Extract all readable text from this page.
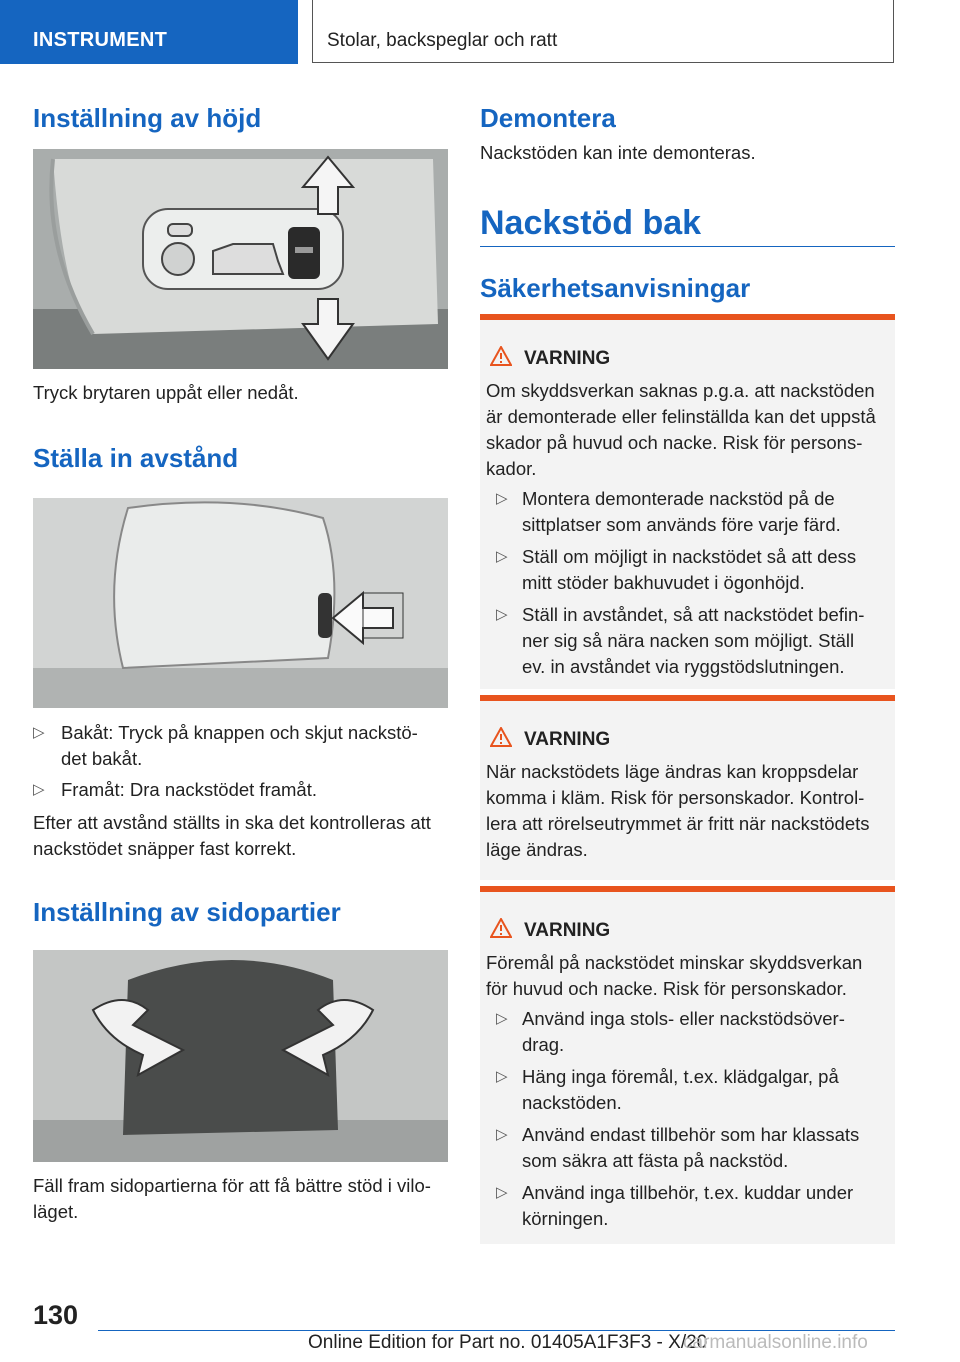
INSTRUMENT	Stolar, backspeglar och ratt
Inställning av höjd

Tryck brytaren uppåt eller nedåt.

Ställa in avstånd
▷ Bakåt: Tryck på knappen och skjut nackstö-
det bakåt.
▷ Framåt: Dra nackstödet framåt.

Efter att avstånd ställts in ska det kontrolleras att
nackstödet snäpper fast korrekt.

Inställning av sidopartier

Fäll fram sidopartierna för att få bättre stöd i vilo-
läget.

Demontera

Nackstöden kan inte demonteras.

Nackstöd bak
Säkerhetsanvisningar
VARNING
Om skyddsverkan saknas p.g.a. att nackstöden
är demonterade eller felinställda kan det uppstå
skador på huvud och nacke. Risk för persons-
kador.
▷ Montera demonterade nackstöd på de
sittplatser som används före varje färd.
▷ Ställ om möjligt in nackstödet så att dess
mitt stöder bakhuvudet i ögonhöjd.
▷ Ställ in avståndet, så att nackstödet befin-
ner sig så nära nacken som möjligt. Ställ
ev. in avståndet via ryggstödslutningen.
VARNING
När nackstödets läge ändras kan kroppsdelar
komma i kläm. Risk för personskador. Kontrol-
lera att rörelseutrymmet är fritt när nackstödets
läge ändras.
VARNING
Föremål på nackstödet minskar skyddsverkan
för huvud och nacke. Risk för personskador.
▷ Använd inga stols- eller nackstödsöver-
drag.
▷ Häng inga föremål, t.ex. klädgalgar, på
nackstöden.
▷ Använd endast tillbehör som har klassats
som säkra att fästa på nackstöd.
▷ Använd inga tillbehör, t.ex. kuddar under
körningen.
130
Online Edition for Part no. 01405A1F3F3 - X/20
carmanualsonline.info
